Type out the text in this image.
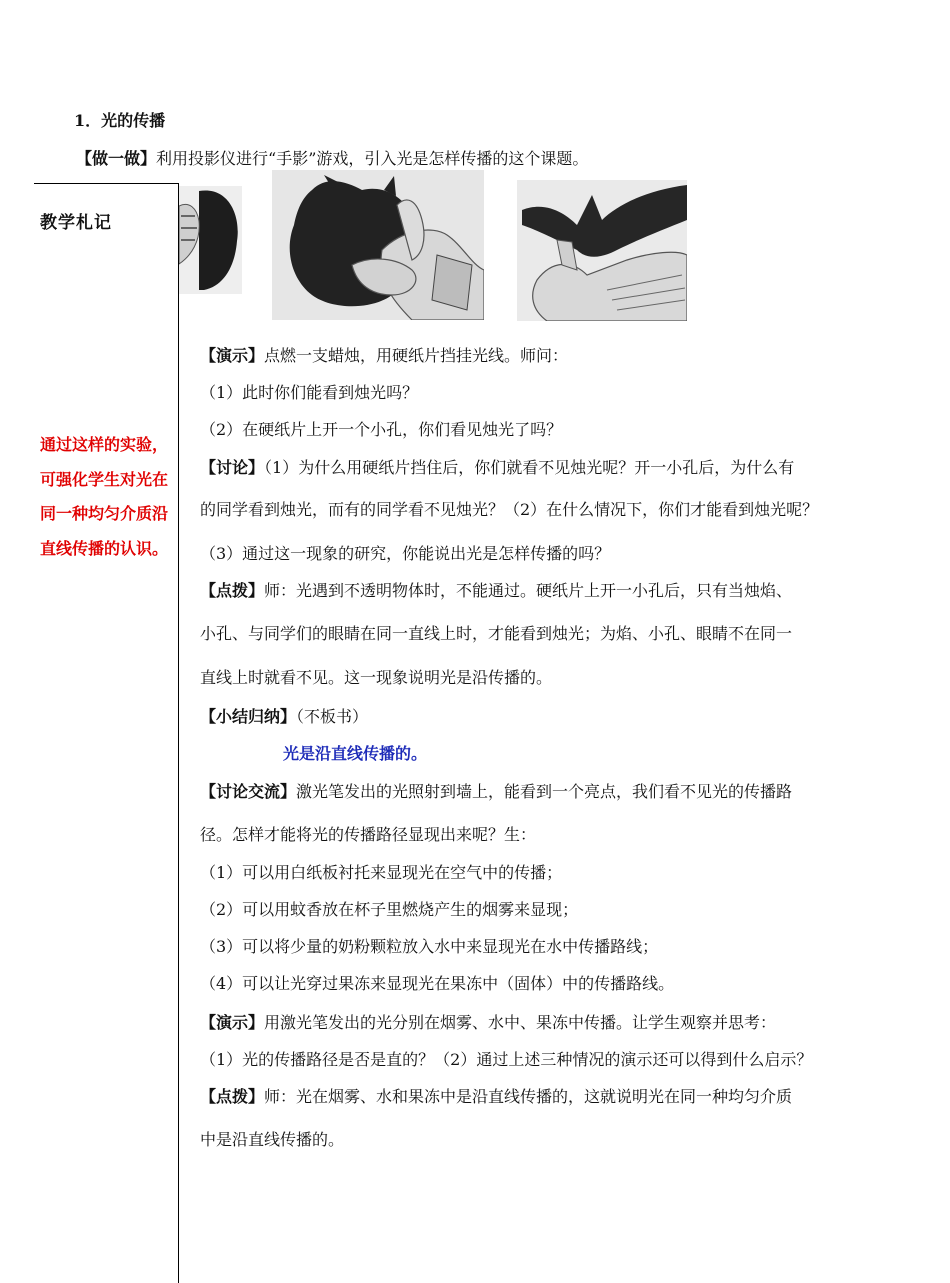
1．光的传播
【做一做】利用投影仪进行“手影”游戏，引入光是怎样传播的这个课题。
教学札记
通过这样的实验，可强化学生对光在同一种均匀介质沿直线传播的认识。
【演示】点燃一支蜡烛，用硬纸片挡挂光线。师问：
（1）此时你们能看到烛光吗？
（2）在硬纸片上开一个小孔，你们看见烛光了吗？
【讨论】（1）为什么用硬纸片挡住后，你们就看不见烛光呢？开一小孔后，为什么有
的同学看到烛光，而有的同学看不见烛光？（2）在什么情况下，你们才能看到烛光呢？
（3）通过这一现象的研究，你能说出光是怎样传播的吗？
【点拨】师：光遇到不透明物体时，不能通过。硬纸片上开一小孔后，只有当烛焰、
小孔、与同学们的眼睛在同一直线上时，才能看到烛光；为焰、小孔、眼睛不在同一
直线上时就看不见。这一现象说明光是沿传播的。
【小结归纳】（不板书）
光是沿直线传播的。
【讨论交流】激光笔发出的光照射到墙上，能看到一个亮点，我们看不见光的传播路
径。怎样才能将光的传播路径显现出来呢？生：
（1）可以用白纸板衬托来显现光在空气中的传播；
（2）可以用蚊香放在杯子里燃烧产生的烟雾来显现；
（3）可以将少量的奶粉颗粒放入水中来显现光在水中传播路线；
（4）可以让光穿过果冻来显现光在果冻中（固体）中的传播路线。
【演示】用激光笔发出的光分别在烟雾、水中、果冻中传播。让学生观察并思考：
（1）光的传播路径是否是直的？（2）通过上述三种情况的演示还可以得到什么启示？
【点拨】师：光在烟雾、水和果冻中是沿直线传播的，这就说明光在同一种均匀介质
中是沿直线传播的。
